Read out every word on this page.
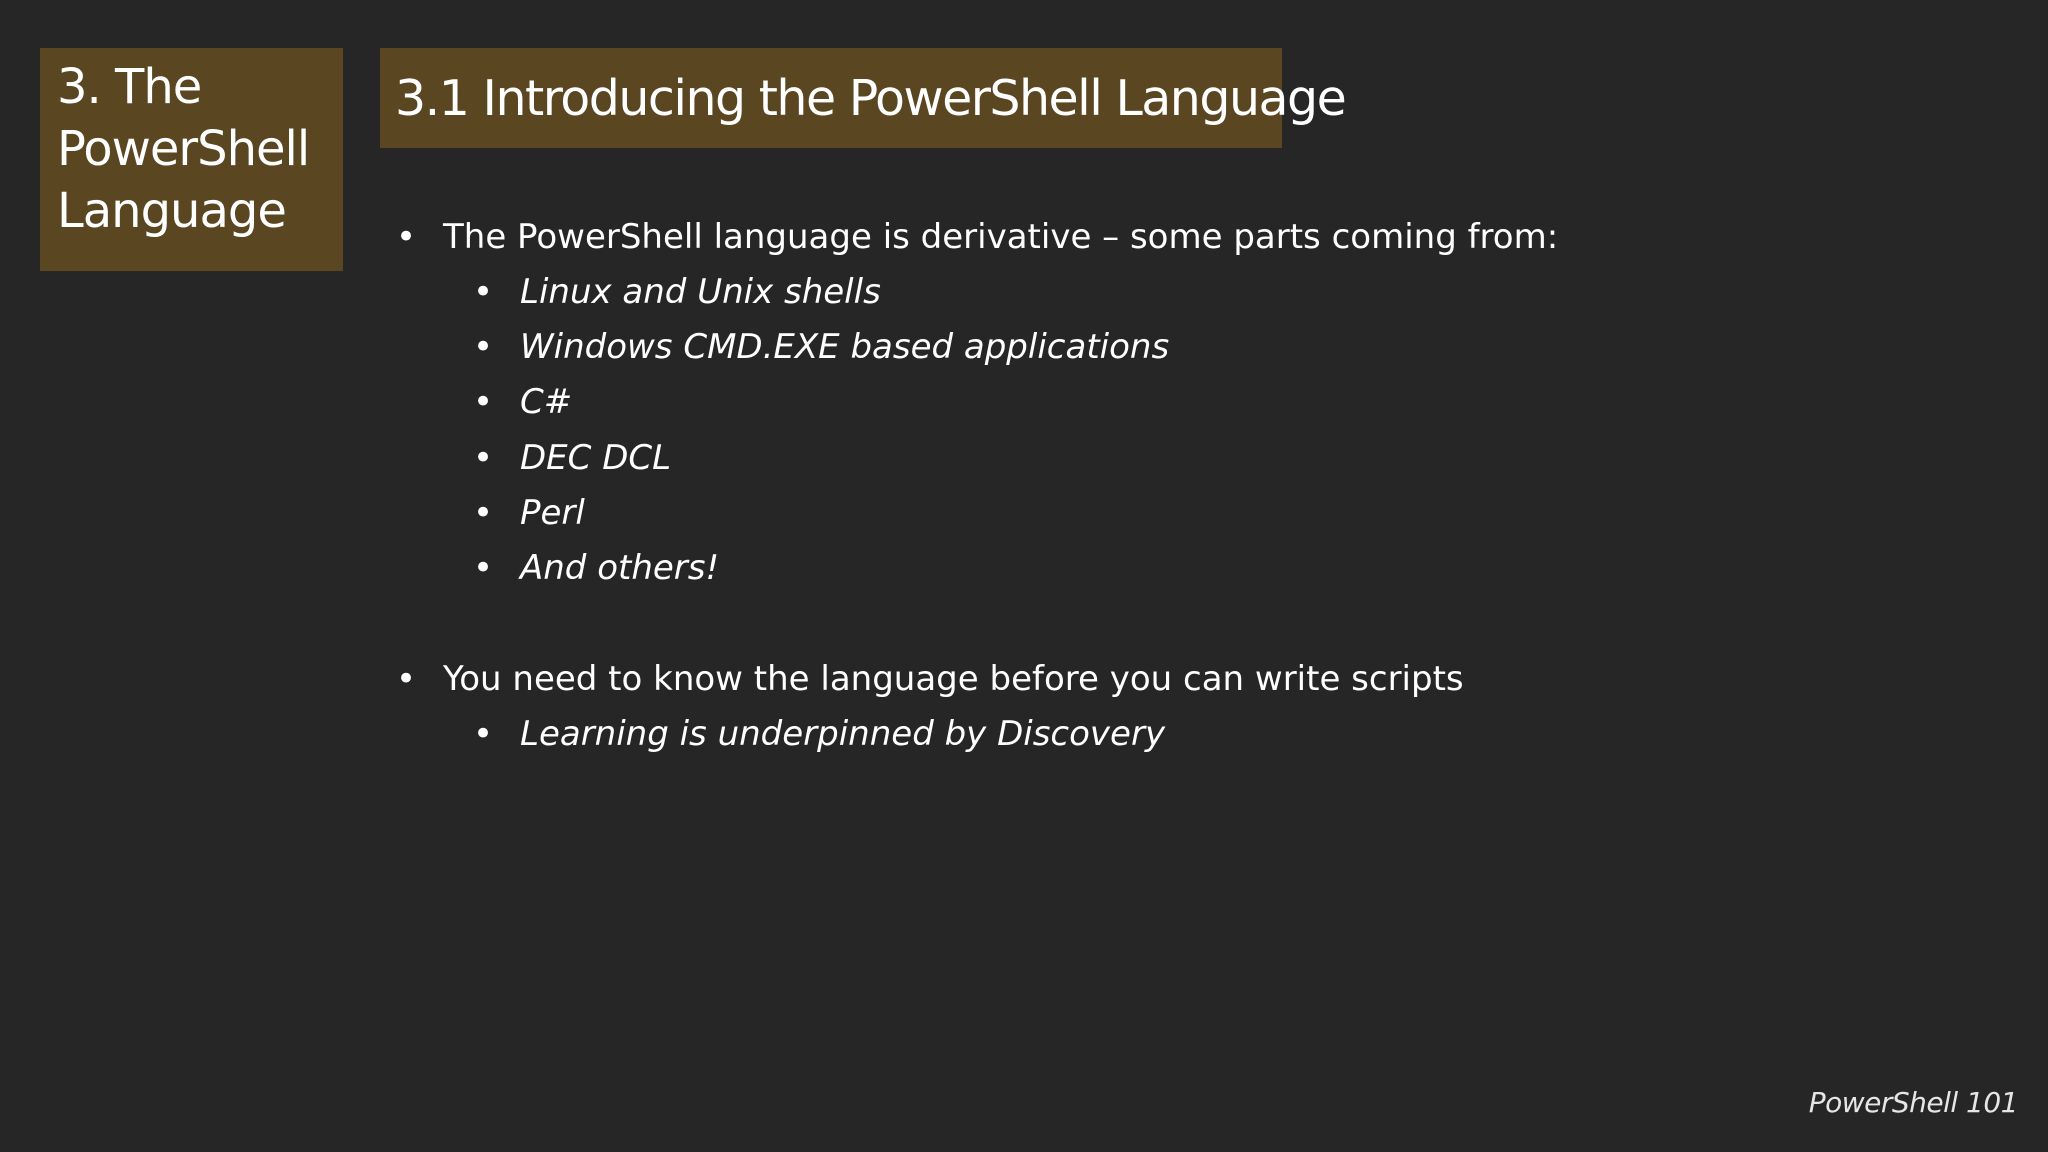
3. The
PowerShell
Language
3.1 Introducing the PowerShell Language
• The PowerShell language is derivative – some parts coming from:
• Linux and Unix shells
• Windows CMD.EXE based applications
• C#
• DEC DCL
• Perl
• And others!
• You need to know the language before you can write scripts
• Learning is underpinned by Discovery
PowerShell 101
